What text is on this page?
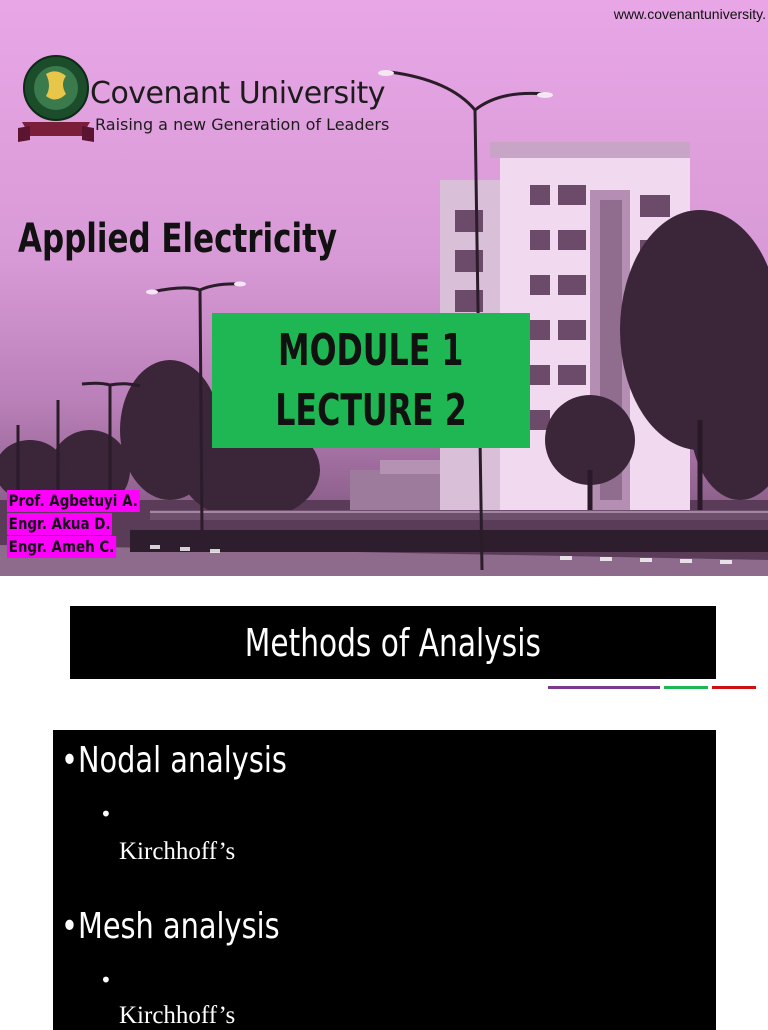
www.covenantuniversity.
Covenant University
Raising a new Generation of Leaders
Applied Electricity
MODULE 1
LECTURE 2
Prof. Agbetuyi A.
Engr. Akua D.
Engr. Ameh C.
Methods of Analysis
•Nodal analysis
•
Kirchhoff’s
•Mesh analysis
•
Kirchhoff’s
